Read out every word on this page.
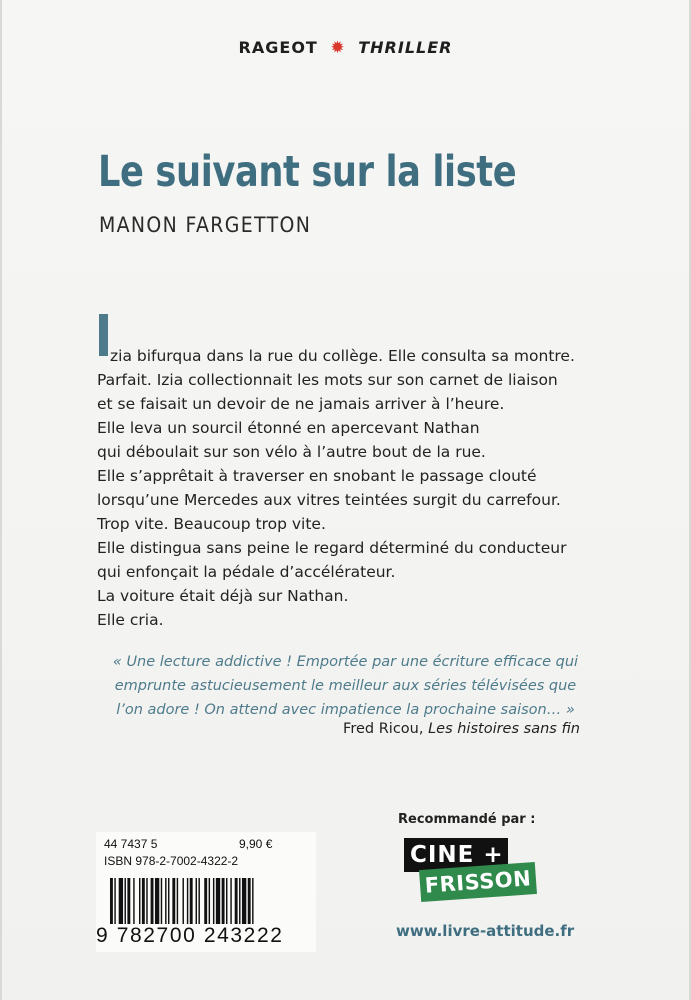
RAGEOT ✹ THRILLER
Le suivant sur la liste
MANON FARGETTON
zia bifurqua dans la rue du collège. Elle consulta sa montre.
Parfait. Izia collectionnait les mots sur son carnet de liaison
et se faisait un devoir de ne jamais arriver à l’heure.
Elle leva un sourcil étonné en apercevant Nathan
qui déboulait sur son vélo à l’autre bout de la rue.
Elle s’apprêtait à traverser en snobant le passage clouté
lorsqu’une Mercedes aux vitres teintées surgit du carrefour.
Trop vite. Beaucoup trop vite.
Elle distingua sans peine le regard déterminé du conducteur
qui enfonçait la pédale d’accélérateur.
La voiture était déjà sur Nathan.
Elle cria.
« Une lecture addictive ! Emportée par une écriture efficace qui
emprunte astucieusement le meilleur aux séries télévisées que
l’on adore ! On attend avec impatience la prochaine saison… »
Fred Ricou, Les histoires sans fin
44 7437 5	9,90 €
ISBN 978-2-7002-4322-2
9 782700 243222
Recommandé par :
CINE +
FRISSON
www.livre-attitude.fr
